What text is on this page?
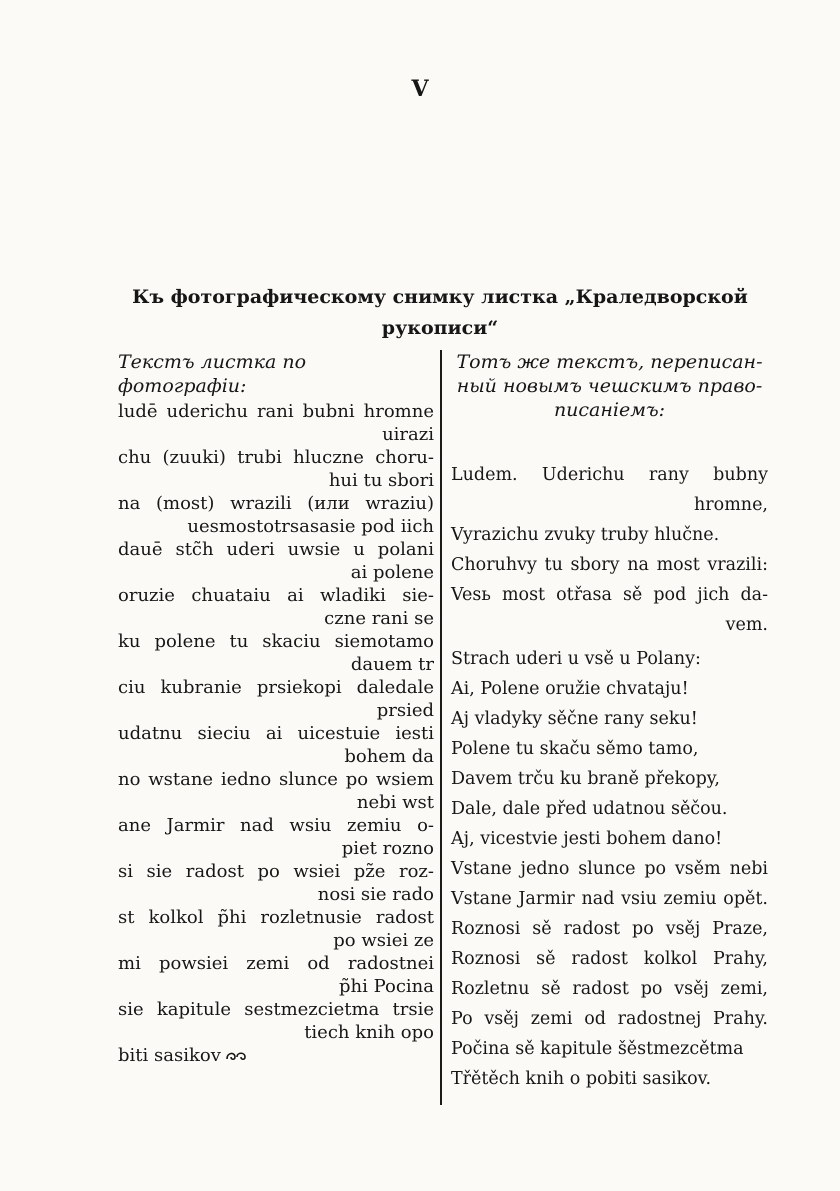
V
Къ фотографическому снимку листка „Краледворской
рукописи“

Текстъ листка по фотографіи:

ludē uderichu rani bubni hromne
uirazi
chu (zuuki) trubi hluczne choru-
hui tu sbori
na (most) wrazili (или wraziu)
uesmostotrsasasie pod iich
dauē stc̃h uderi uwsie u polani
ai polene
oruzie chuataiu ai wladiki sie-
czne rani se
ku polene tu skaciu siemotamo
dauem tr
ciu kubranie prsiekopi daledale
prsied
udatnu sieciu ai uicestuie iesti
bohem da
no wstane iedno slunce po wsiem
nebi wst
ane Jarmir nad wsiu zemiu o-
piet rozno
si sie radost po wsiei pz̃e roz-
nosi sie rado
st kolkol p̃hi rozletnusie radost
po wsiei ze
mi powsiei zemi od radostnei
p̃hi Pocina
sie kapitule sestmezcietma trsie
tiech knih opo
biti sasikov

Тотъ же текстъ, переписан-

ный новымъ чешскимъ право-

писаніемъ:

Ludem. Uderichu rany bubny
hromne,
Vyrazichu zvuky truby hlučne.
Choruhvy tu sbory na most vrazili:
Vesь most otřasa sě pod jich da-
vem.
Strach uderi u vsě u Polany:
Ai, Polene oružie chvataju!
Aj vladyky sěčne rany seku!
Polene tu skaču sěmo tamo,
Davem trču ku braně překopy,
Dale, dale před udatnou sěčou.
Aj, vicestvie jesti bohem dano!
Vstane jedno slunce po vsěm nebi
Vstane Jarmir nad vsiu zemiu opět.
Roznosi sě radost po vsěj Praze,
Roznosi sě radost kolkol Prahy,
Rozletnu sě radost po vsěj zemi,
Po vsěj zemi od radostnej Prahy.
Počina sě kapitule šěstmezcětma
Třětěch knih o pobiti sasikov.
